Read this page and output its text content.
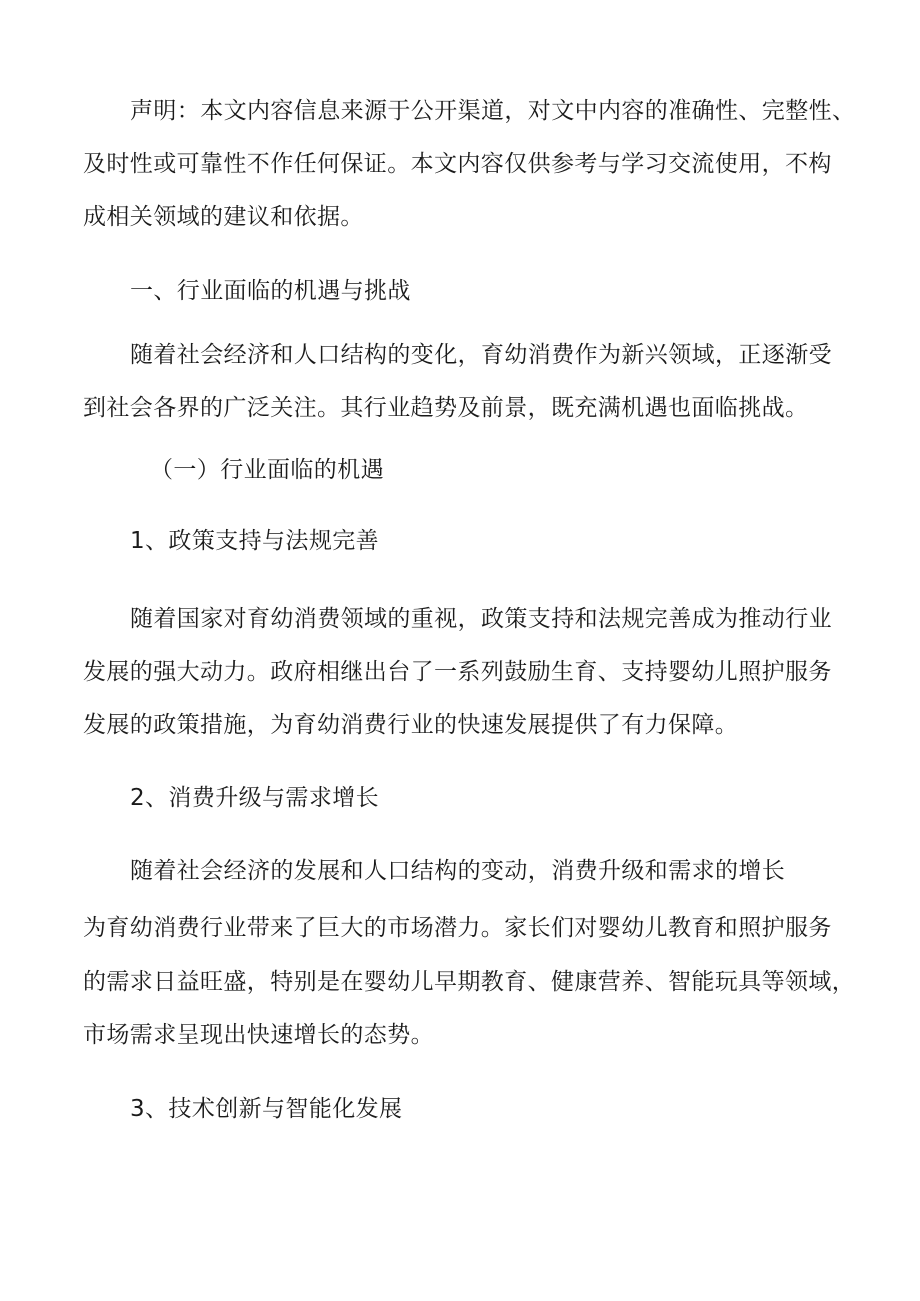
声明：本文内容信息来源于公开渠道，对文中内容的准确性、完整性、
及时性或可靠性不作任何保证。本文内容仅供参考与学习交流使用，不构
成相关领域的建议和依据。
一、行业面临的机遇与挑战
随着社会经济和人口结构的变化，育幼消费作为新兴领域，正逐渐受
到社会各界的广泛关注。其行业趋势及前景，既充满机遇也面临挑战。
（一）行业面临的机遇
1、政策支持与法规完善
随着国家对育幼消费领域的重视，政策支持和法规完善成为推动行业
发展的强大动力。政府相继出台了一系列鼓励生育、支持婴幼儿照护服务
发展的政策措施，为育幼消费行业的快速发展提供了有力保障。
2、消费升级与需求增长
随着社会经济的发展和人口结构的变动，消费升级和需求的增长
为育幼消费行业带来了巨大的市场潜力。家长们对婴幼儿教育和照护服务
的需求日益旺盛，特别是在婴幼儿早期教育、健康营养、智能玩具等领域，
市场需求呈现出快速增长的态势。
3、技术创新与智能化发展
